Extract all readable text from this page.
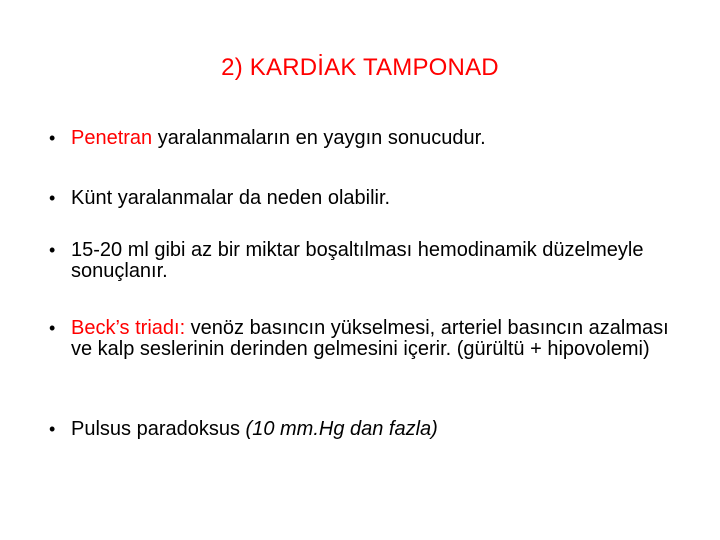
2) KARDİAK TAMPONAD
• Penetran yaralanmaların en yaygın sonucudur.
• Künt yaralanmalar da neden olabilir.
• 15-20 ml gibi az bir miktar boşaltılması hemodinamik düzelmeyle sonuçlanır.
• Beck’s triadı: venöz basıncın yükselmesi, arteriel basıncın azalması ve kalp seslerinin derinden gelmesini içerir. (gürültü + hipovolemi)
• Pulsus paradoksus (10 mm.Hg dan fazla)
